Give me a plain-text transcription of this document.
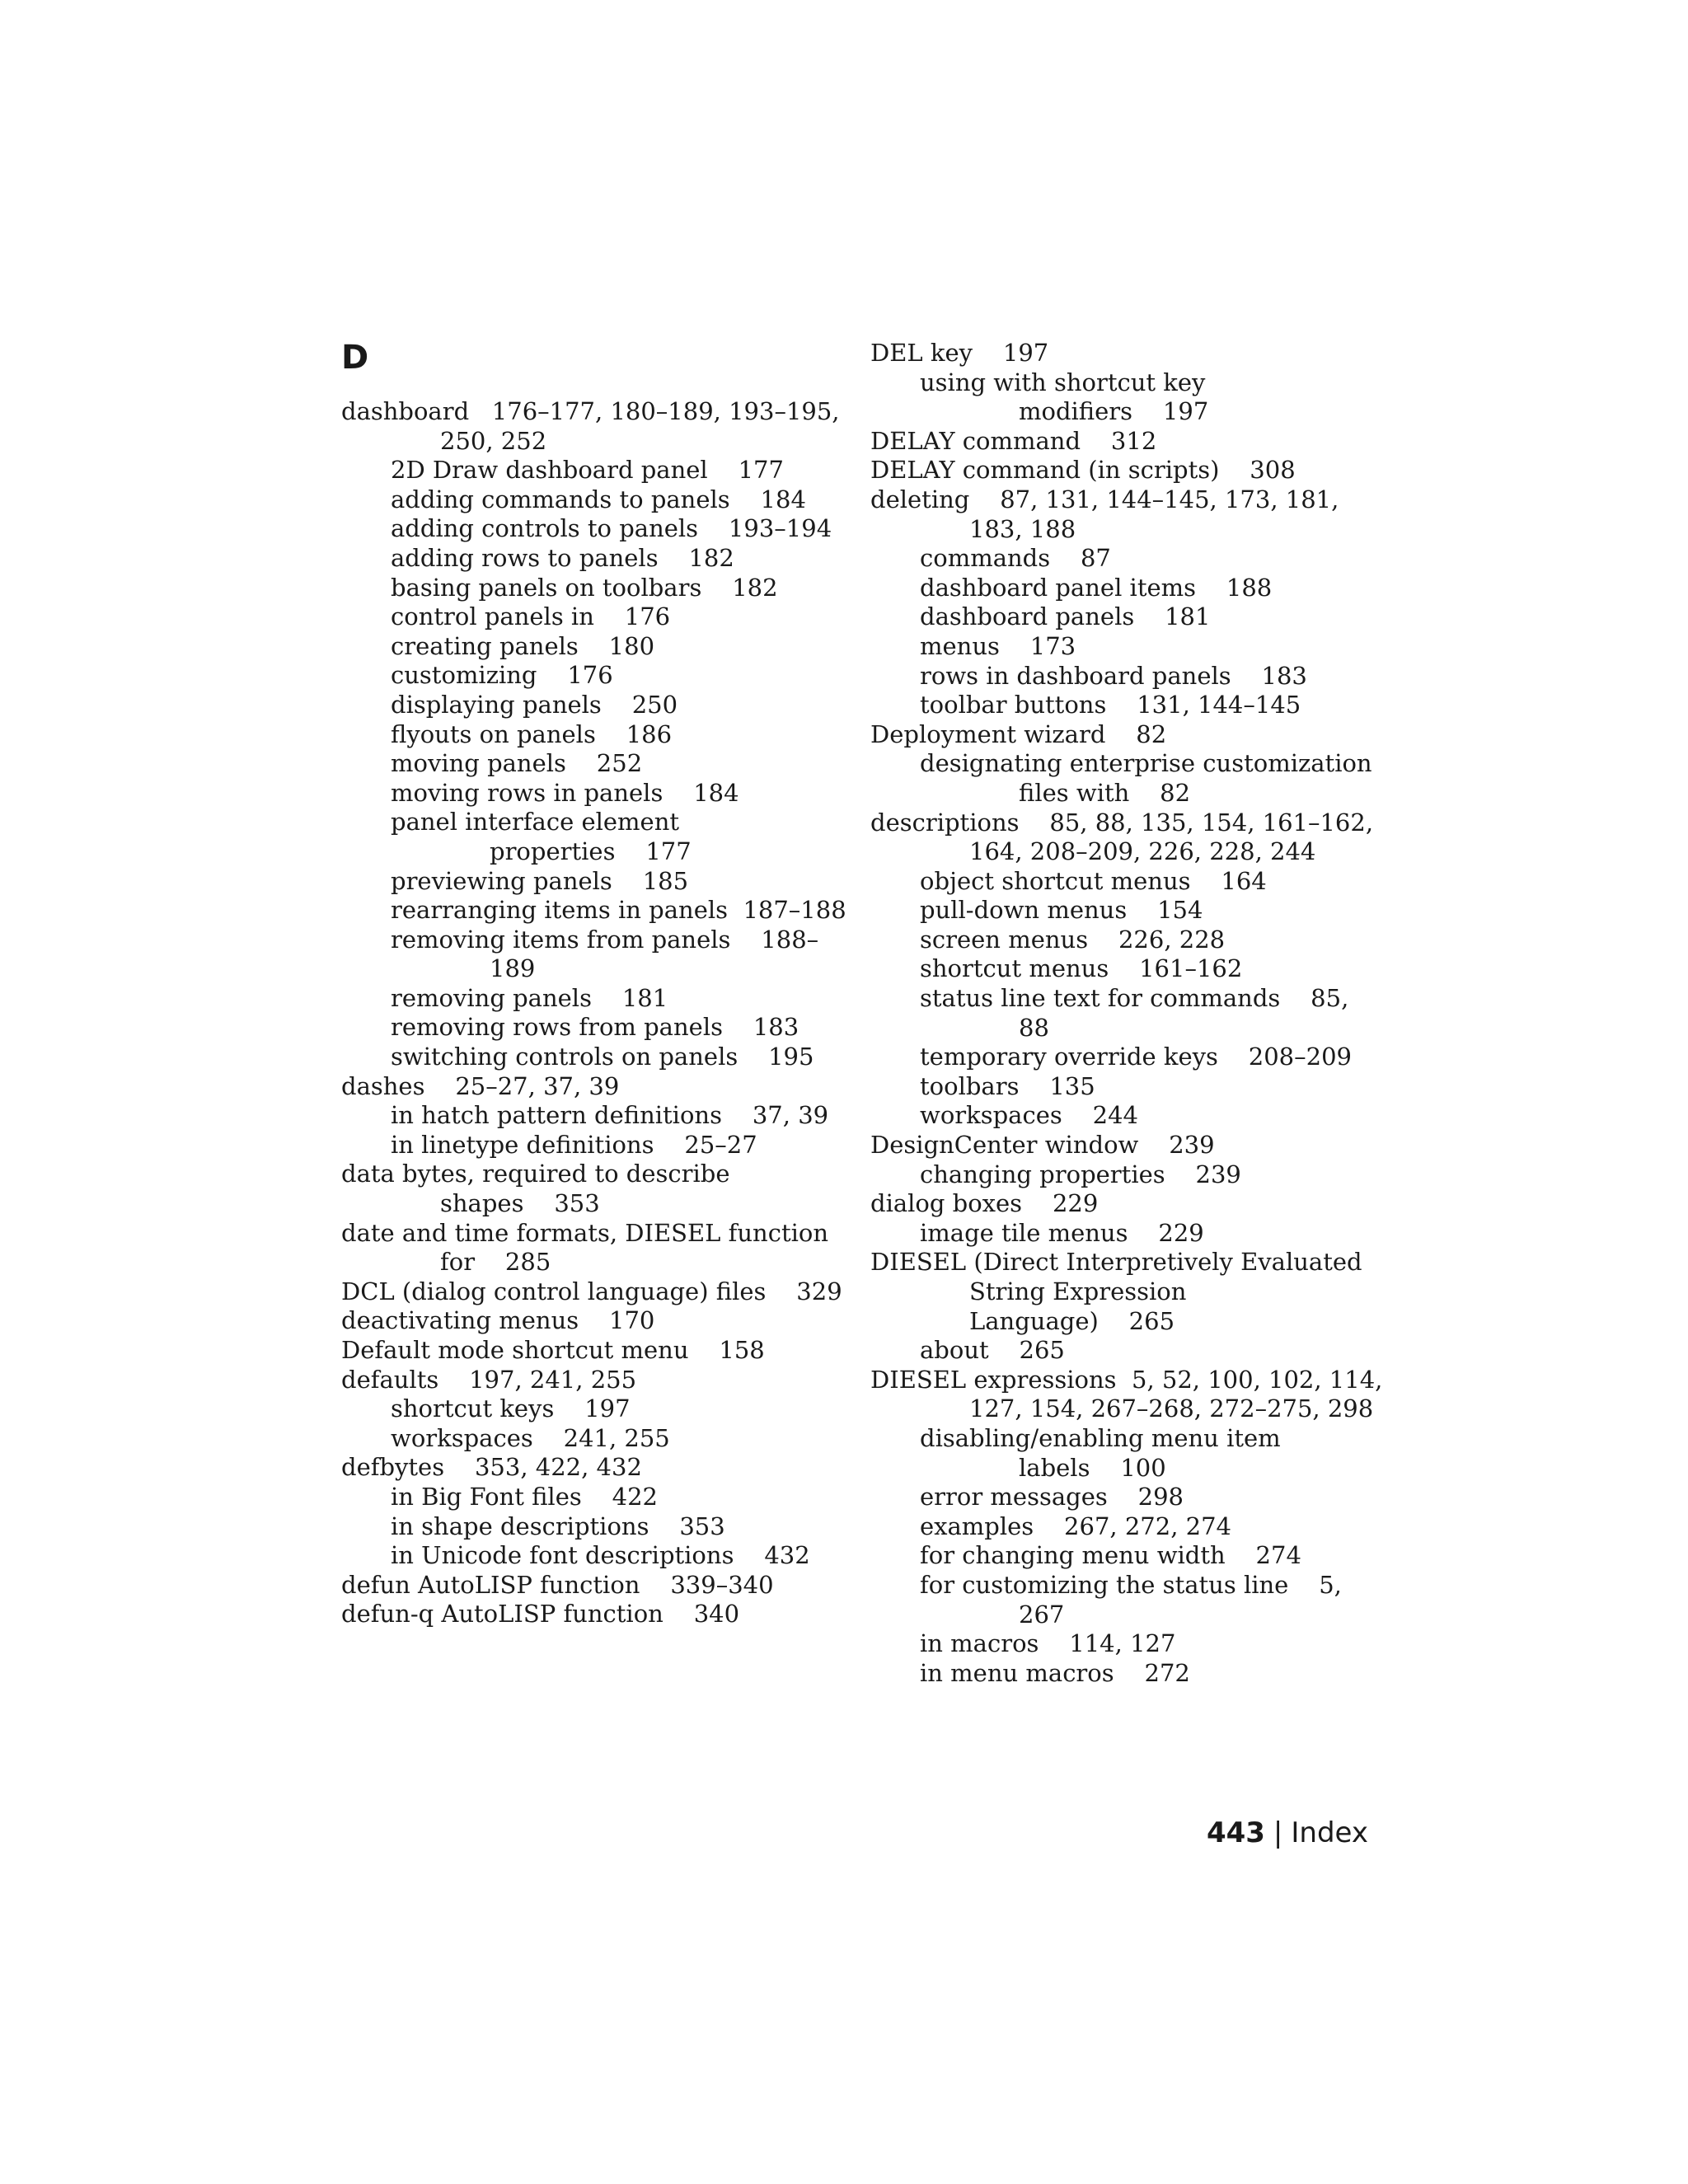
D
dashboard   176–177, 180–189, 193–195,
250, 252
2D Draw dashboard panel    177
adding commands to panels    184
adding controls to panels    193–194
adding rows to panels    182
basing panels on toolbars    182
control panels in    176
creating panels    180
customizing    176
displaying panels    250
flyouts on panels    186
moving panels    252
moving rows in panels    184
panel interface element
properties    177
previewing panels    185
rearranging items in panels  187–188
removing items from panels    188–
189
removing panels    181
removing rows from panels    183
switching controls on panels    195
dashes    25–27, 37, 39
in hatch pattern definitions    37, 39
in linetype definitions    25–27
data bytes, required to describe
shapes    353
date and time formats, DIESEL function
for    285
DCL (dialog control language) files    329
deactivating menus    170
Default mode shortcut menu    158
defaults    197, 241, 255
shortcut keys    197
workspaces    241, 255
defbytes    353, 422, 432
in Big Font files    422
in shape descriptions    353
in Unicode font descriptions    432
defun AutoLISP function    339–340
defun-q AutoLISP function    340
DEL key    197
using with shortcut key
modifiers    197
DELAY command    312
DELAY command (in scripts)    308
deleting    87, 131, 144–145, 173, 181,
183, 188
commands    87
dashboard panel items    188
dashboard panels    181
menus    173
rows in dashboard panels    183
toolbar buttons    131, 144–145
Deployment wizard    82
designating enterprise customization
files with    82
descriptions    85, 88, 135, 154, 161–162,
164, 208–209, 226, 228, 244
object shortcut menus    164
pull-down menus    154
screen menus    226, 228
shortcut menus    161–162
status line text for commands    85,
88
temporary override keys    208–209
toolbars    135
workspaces    244
DesignCenter window    239
changing properties    239
dialog boxes    229
image tile menus    229
DIESEL (Direct Interpretively Evaluated
String Expression
Language)    265
about    265
DIESEL expressions  5, 52, 100, 102, 114,
127, 154, 267–268, 272–275, 298
disabling/enabling menu item
labels    100
error messages    298
examples    267, 272, 274
for changing menu width    274
for customizing the status line    5,
267
in macros    114, 127
in menu macros    272
443 | Index
